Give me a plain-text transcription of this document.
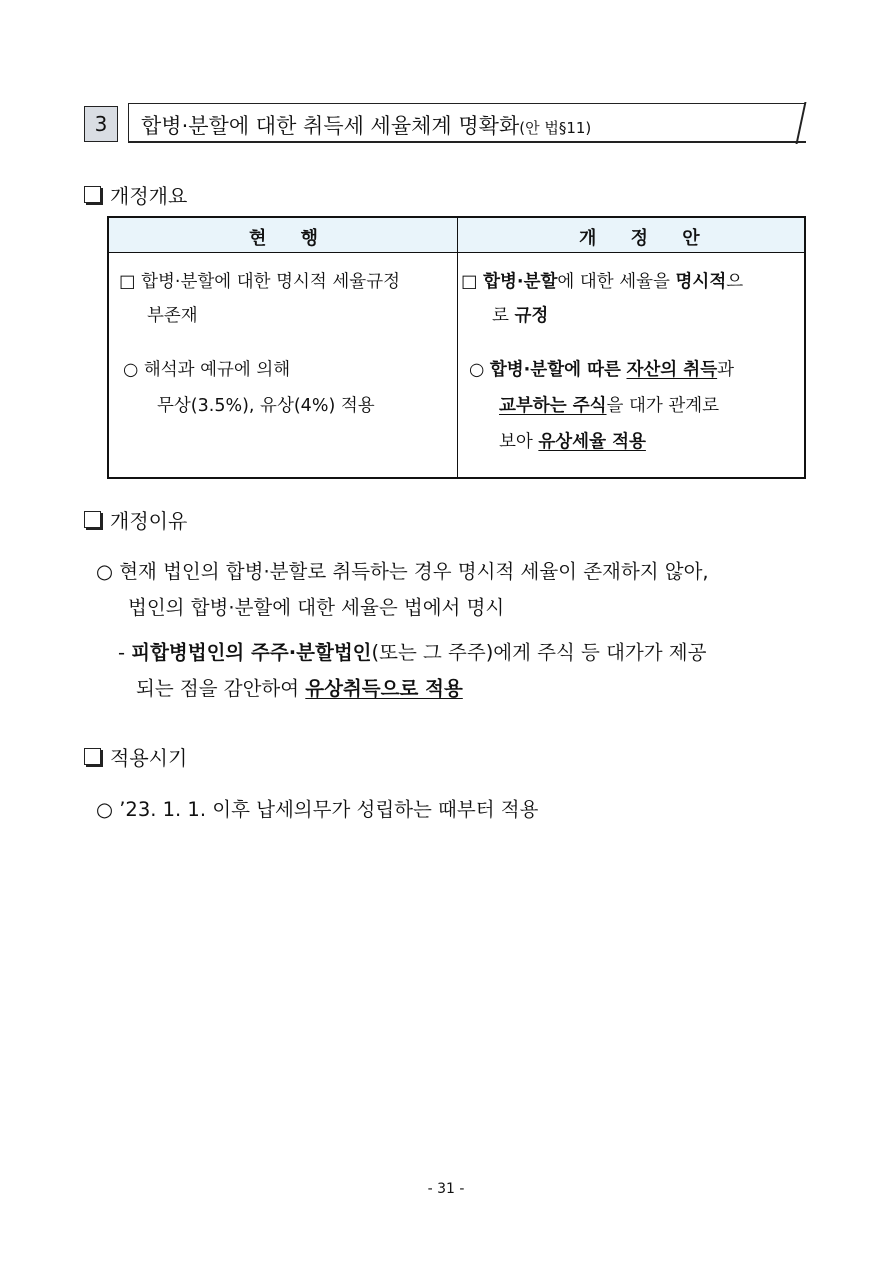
3	합병·분할에 대한 취득세 세율체계 명확화(안 법§11)
개정개요
현 행	개 정 안
□ 합병·분할에 대한 명시적 세율규정
부존재
○ 해석과 예규에 의해
무상(3.5%), 유상(4%) 적용
□ 합병·분할에 대한 세율을 명시적으
로 규정
○ 합병·분할에 따른 자산의 취득과
교부하는 주식을 대가 관계로
보아 유상세율 적용
개정이유
○ 현재 법인의 합병·분할로 취득하는 경우 명시적 세율이 존재하지 않아,
법인의 합병·분할에 대한 세율은 법에서 명시
- 피합병법인의 주주·분할법인(또는 그 주주)에게 주식 등 대가가 제공
되는 점을 감안하여 유상취득으로 적용
적용시기
○ ’23. 1. 1. 이후 납세의무가 성립하는 때부터 적용
- 31 -
